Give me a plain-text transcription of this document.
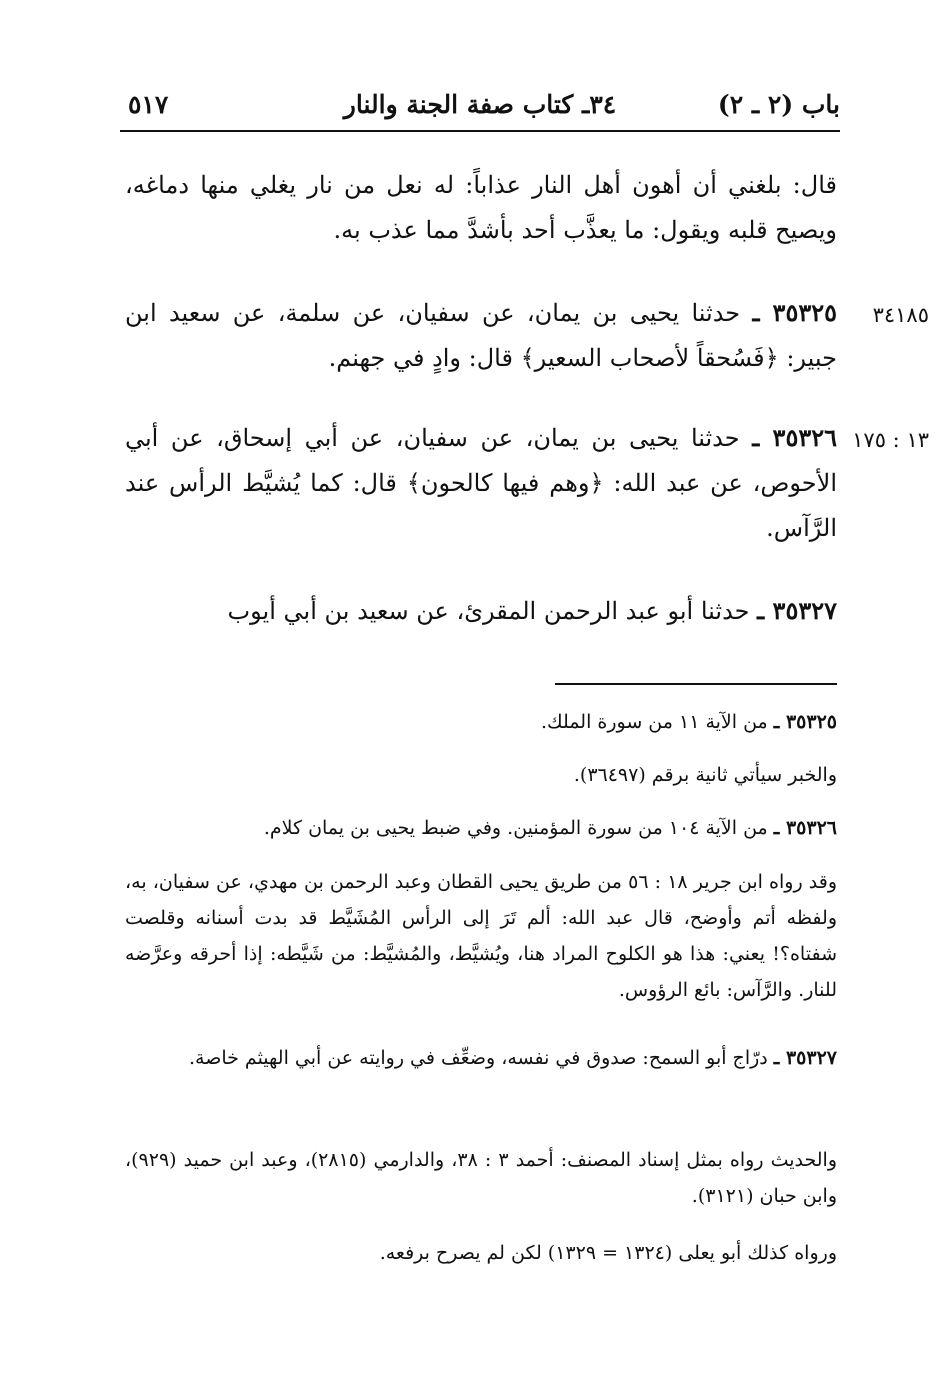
باب (٢ ـ ٢)
٣٤ـ كتاب صفة الجنة والنار
٥١٧

قال: بلغني أن أهون أهل النار عذاباً: له نعل من نار يغلي منها دماغه، ويصيح قلبه ويقول: ما يعذَّب أحد بأشدَّ مما عذب به.

٣٤١٨٥

٣٥٣٢٥ ـ حدثنا يحيى بن يمان، عن سفيان، عن سلمة، عن سعيد ابن جبير: ﴿فَسُحقاً لأصحاب السعير﴾ قال: وادٍ في جهنم.

١٣ : ١٧٥

٣٥٣٢٦ ـ حدثنا يحيى بن يمان، عن سفيان، عن أبي إسحاق، عن أبي الأحوص، عن عبد الله: ﴿وهم فيها كالحون﴾ قال: كما يُشيَّط الرأس عند الرَّآس.

٣٥٣٢٧ ـ حدثنا أبو عبد الرحمن المقرئ، عن سعيد بن أبي أيوب

٣٥٣٢٥ ـ من الآية ١١ من سورة الملك.

والخبر سيأتي ثانية برقم (٣٦٤٩٧).

٣٥٣٢٦ ـ من الآية ١٠٤ من سورة المؤمنين. وفي ضبط يحيى بن يمان كلام.

وقد رواه ابن جرير ١٨ : ٥٦ من طريق يحيى القطان وعبد الرحمن بن مهدي، عن سفيان، به، ولفظه أتم وأوضح، قال عبد الله: ألم تَرَ إلى الرأس المُشَيَّط قد بدت أسنانه وقلصت شفتاه؟! يعني: هذا هو الكلوح المراد هنا، ويُشيَّط، والمُشيَّط: من شَيَّطه: إذا أحرقه وعرَّضه للنار. والرَّآس: بائع الرؤوس.

٣٥٣٢٧ ـ درّاج أبو السمح: صدوق في نفسه، وضعِّف في روايته عن أبي الهيثم خاصة.

والحديث رواه بمثل إسناد المصنف: أحمد ٣ : ٣٨، والدارمي (٢٨١٥)، وعبد ابن حميد (٩٢٩)، وابن حبان (٣١٢١).

ورواه كذلك أبو يعلى (١٣٢٤ = ١٣٢٩) لكن لم يصرح برفعه.
